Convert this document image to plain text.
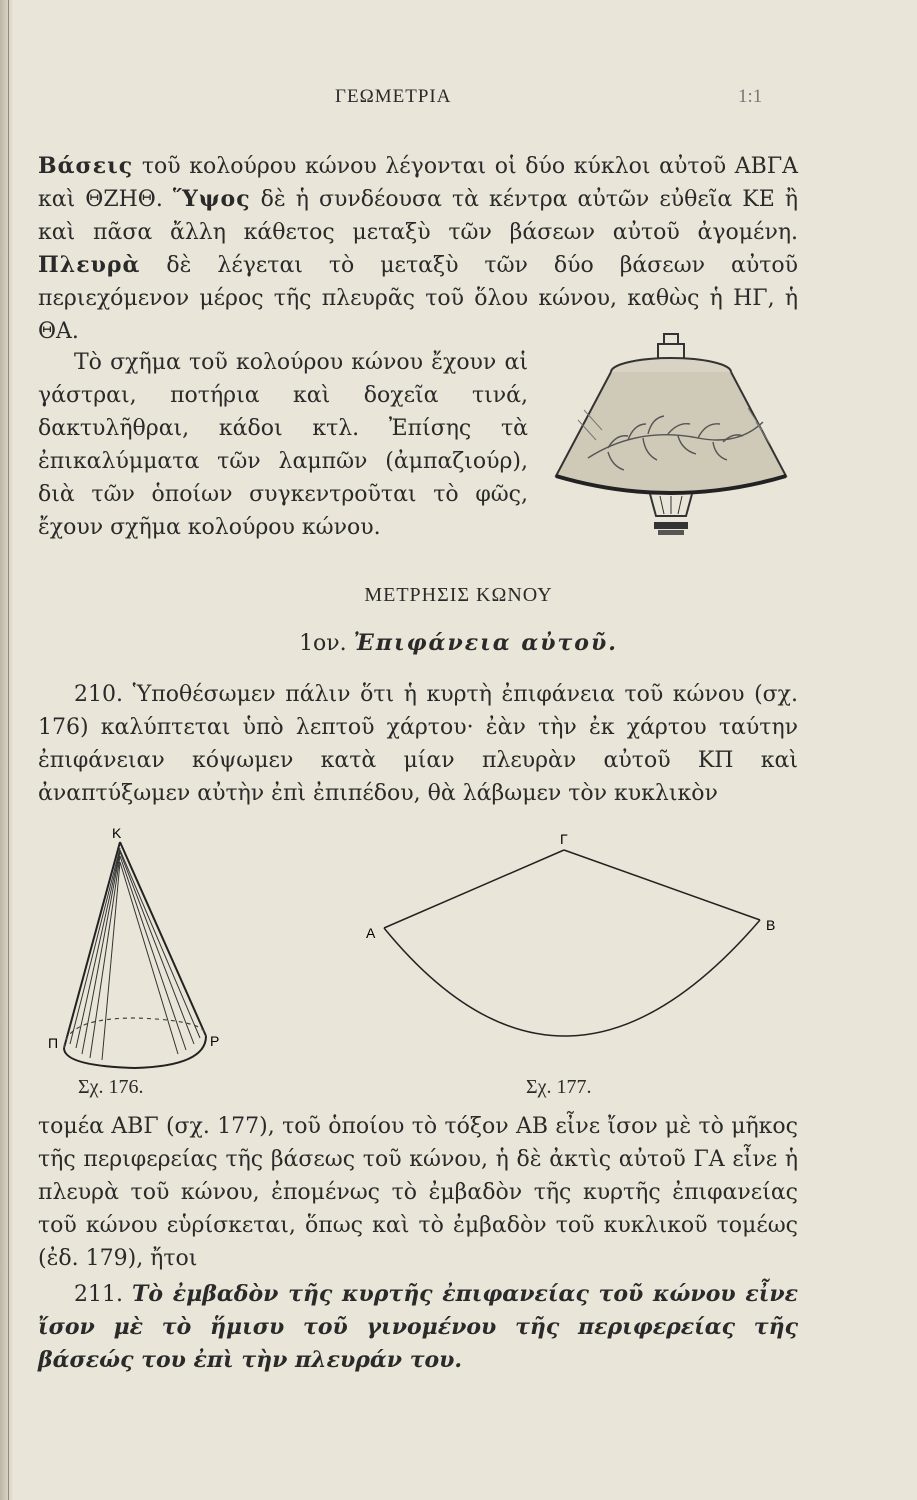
ΓΕΩΜΕΤΡΙΑ	1:1

Βάσεις τοῦ κολούρου κώνου λέγονται οἱ δύο κύκλοι αὐτοῦ ΑΒΓΑ καὶ ΘΖΗΘ. Ὕψος δὲ ἡ συνδέουσα τὰ κέντρα αὐτῶν εὐθεῖα ΚΕ ἢ καὶ πᾶσα ἄλλη κάθετος μεταξὺ τῶν βάσεων αὐτοῦ ἀγομένη. Πλευρὰ δὲ λέγεται τὸ μεταξὺ τῶν δύο βάσεων αὐτοῦ περιεχόμενον μέρος τῆς πλευρᾶς τοῦ ὅλου κώνου, καθὼς ἡ ΗΓ, ἡ ΘΑ.

Τὸ σχῆμα τοῦ κολούρου κώνου ἔχουν αἱ γάστραι, ποτήρια καὶ δοχεῖα τινά, δακτυλῆθραι, κάδοι κτλ. Ἐπίσης τὰ ἐπικαλύμματα τῶν λαμπῶν (ἀμπαζιούρ), διὰ τῶν ὁποίων συγκεντροῦται τὸ φῶς, ἔχουν σχῆμα κολούρου κώνου.
ΜΕΤΡΗΣΙΣ ΚΩΝΟΥ
1ον. Ἐπιφάνεια αὐτοῦ.
210. Ὑποθέσωμεν πάλιν ὅτι ἡ κυρτὴ ἐπιφάνεια τοῦ κώνου (σχ. 176) καλύπτεται ὑπὸ λεπτοῦ χάρτου· ἐὰν τὴν ἐκ χάρτου ταύτην ἐπιφάνειαν κόψωμεν κατὰ μίαν πλευρὰν αὐτοῦ ΚΠ καὶ ἀναπτύξωμεν αὐτὴν ἐπὶ ἐπιπέδου, θὰ λάβωμεν τὸν κυκλικὸν
Κ
Π	Ρ
Γ
Α	Β
Σχ. 176.	Σχ. 177.
τομέα ΑΒΓ (σχ. 177), τοῦ ὁποίου τὸ τόξον ΑΒ εἶνε ἴσον μὲ τὸ μῆκος τῆς περιφερείας τῆς βάσεως τοῦ κώνου, ἡ δὲ ἀκτὶς αὐτοῦ ΓΑ εἶνε ἡ πλευρὰ τοῦ κώνου, ἐπομένως τὸ ἐμβαδὸν τῆς κυρτῆς ἐπιφανείας τοῦ κώνου εὑρίσκεται, ὅπως καὶ τὸ ἐμβαδὸν τοῦ κυκλικοῦ τομέως (ἐδ. 179), ἤτοι
211. Τὸ ἐμβαδὸν τῆς κυρτῆς ἐπιφανείας τοῦ κώνου εἶνε ἴσον μὲ τὸ ἥμισυ τοῦ γινομένου τῆς περιφερείας τῆς βάσεώς του ἐπὶ τὴν πλευράν του.
